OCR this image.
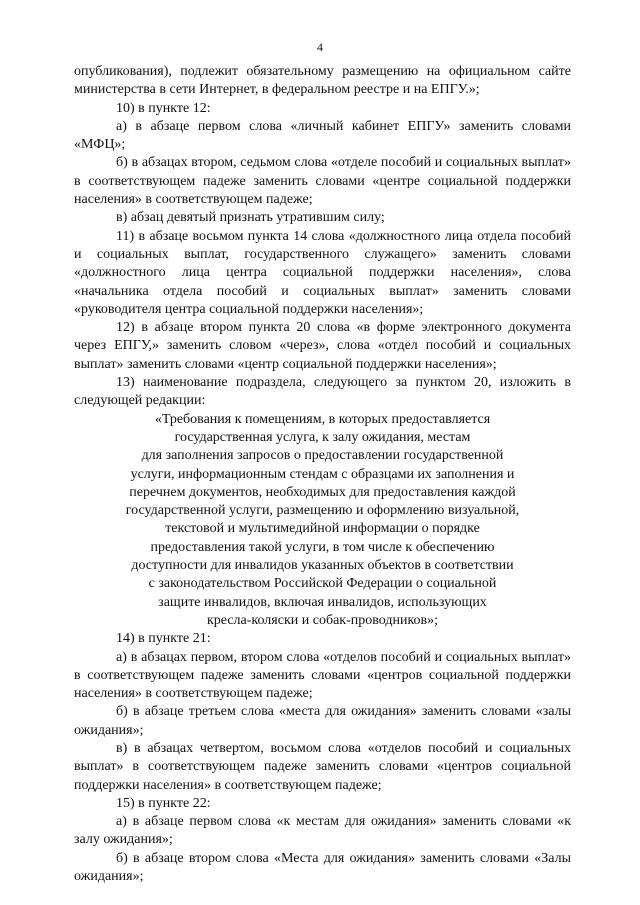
4

опубликования), подлежит обязательному размещению на официальном сайте министерства в сети Интернет, в федеральном реестре и на ЕПГУ.»;

10) в пункте 12:

а) в абзаце первом слова «личный кабинет ЕПГУ» заменить словами «МФЦ»;

б) в абзацах втором, седьмом слова «отделе пособий и социальных выплат» в соответствующем падеже заменить словами «центре социальной поддержки населения» в соответствующем падеже;

в) абзац девятый признать утратившим силу;

11) в абзаце восьмом пункта 14 слова «должностного лица отдела пособий и социальных выплат, государственного служащего» заменить словами «должностного лица центра социальной поддержки населения», слова «начальника отдела пособий и социальных выплат» заменить словами «руководителя центра социальной поддержки населения»;

12) в абзаце втором пункта 20 слова «в форме электронного документа через ЕПГУ,» заменить словом «через», слова «отдел пособий и социальных выплат» заменить словами «центр социальной поддержки населения»;

13) наименование подраздела, следующего за пунктом 20, изложить в следующей редакции:

«Требования к помещениям, в которых предоставляется

государственная услуга, к залу ожидания, местам

для заполнения запросов о предоставлении государственной

услуги, информационным стендам с образцами их заполнения и

перечнем документов, необходимых для предоставления каждой

государственной услуги, размещению и оформлению визуальной,

текстовой и мультимедийной информации о порядке

предоставления такой услуги, в том числе к обеспечению

доступности для инвалидов указанных объектов в соответствии

с законодательством Российской Федерации о социальной

защите инвалидов, включая инвалидов, использующих

кресла-коляски и собак-проводников»;

14) в пункте 21:

а) в абзацах первом, втором слова «отделов пособий и социальных выплат» в соответствующем падеже заменить словами «центров социальной поддержки населения» в соответствующем падеже;

б) в абзаце третьем слова «места для ожидания» заменить словами «залы ожидания»;

в) в абзацах четвертом, восьмом слова «отделов пособий и социальных выплат» в соответствующем падеже заменить словами «центров социальной поддержки населения» в соответствующем падеже;

15) в пункте 22:

а) в абзаце первом слова «к местам для ожидания» заменить словами «к залу ожидания»;

б) в абзаце втором слова «Места для ожидания» заменить словами «Залы ожидания»;
